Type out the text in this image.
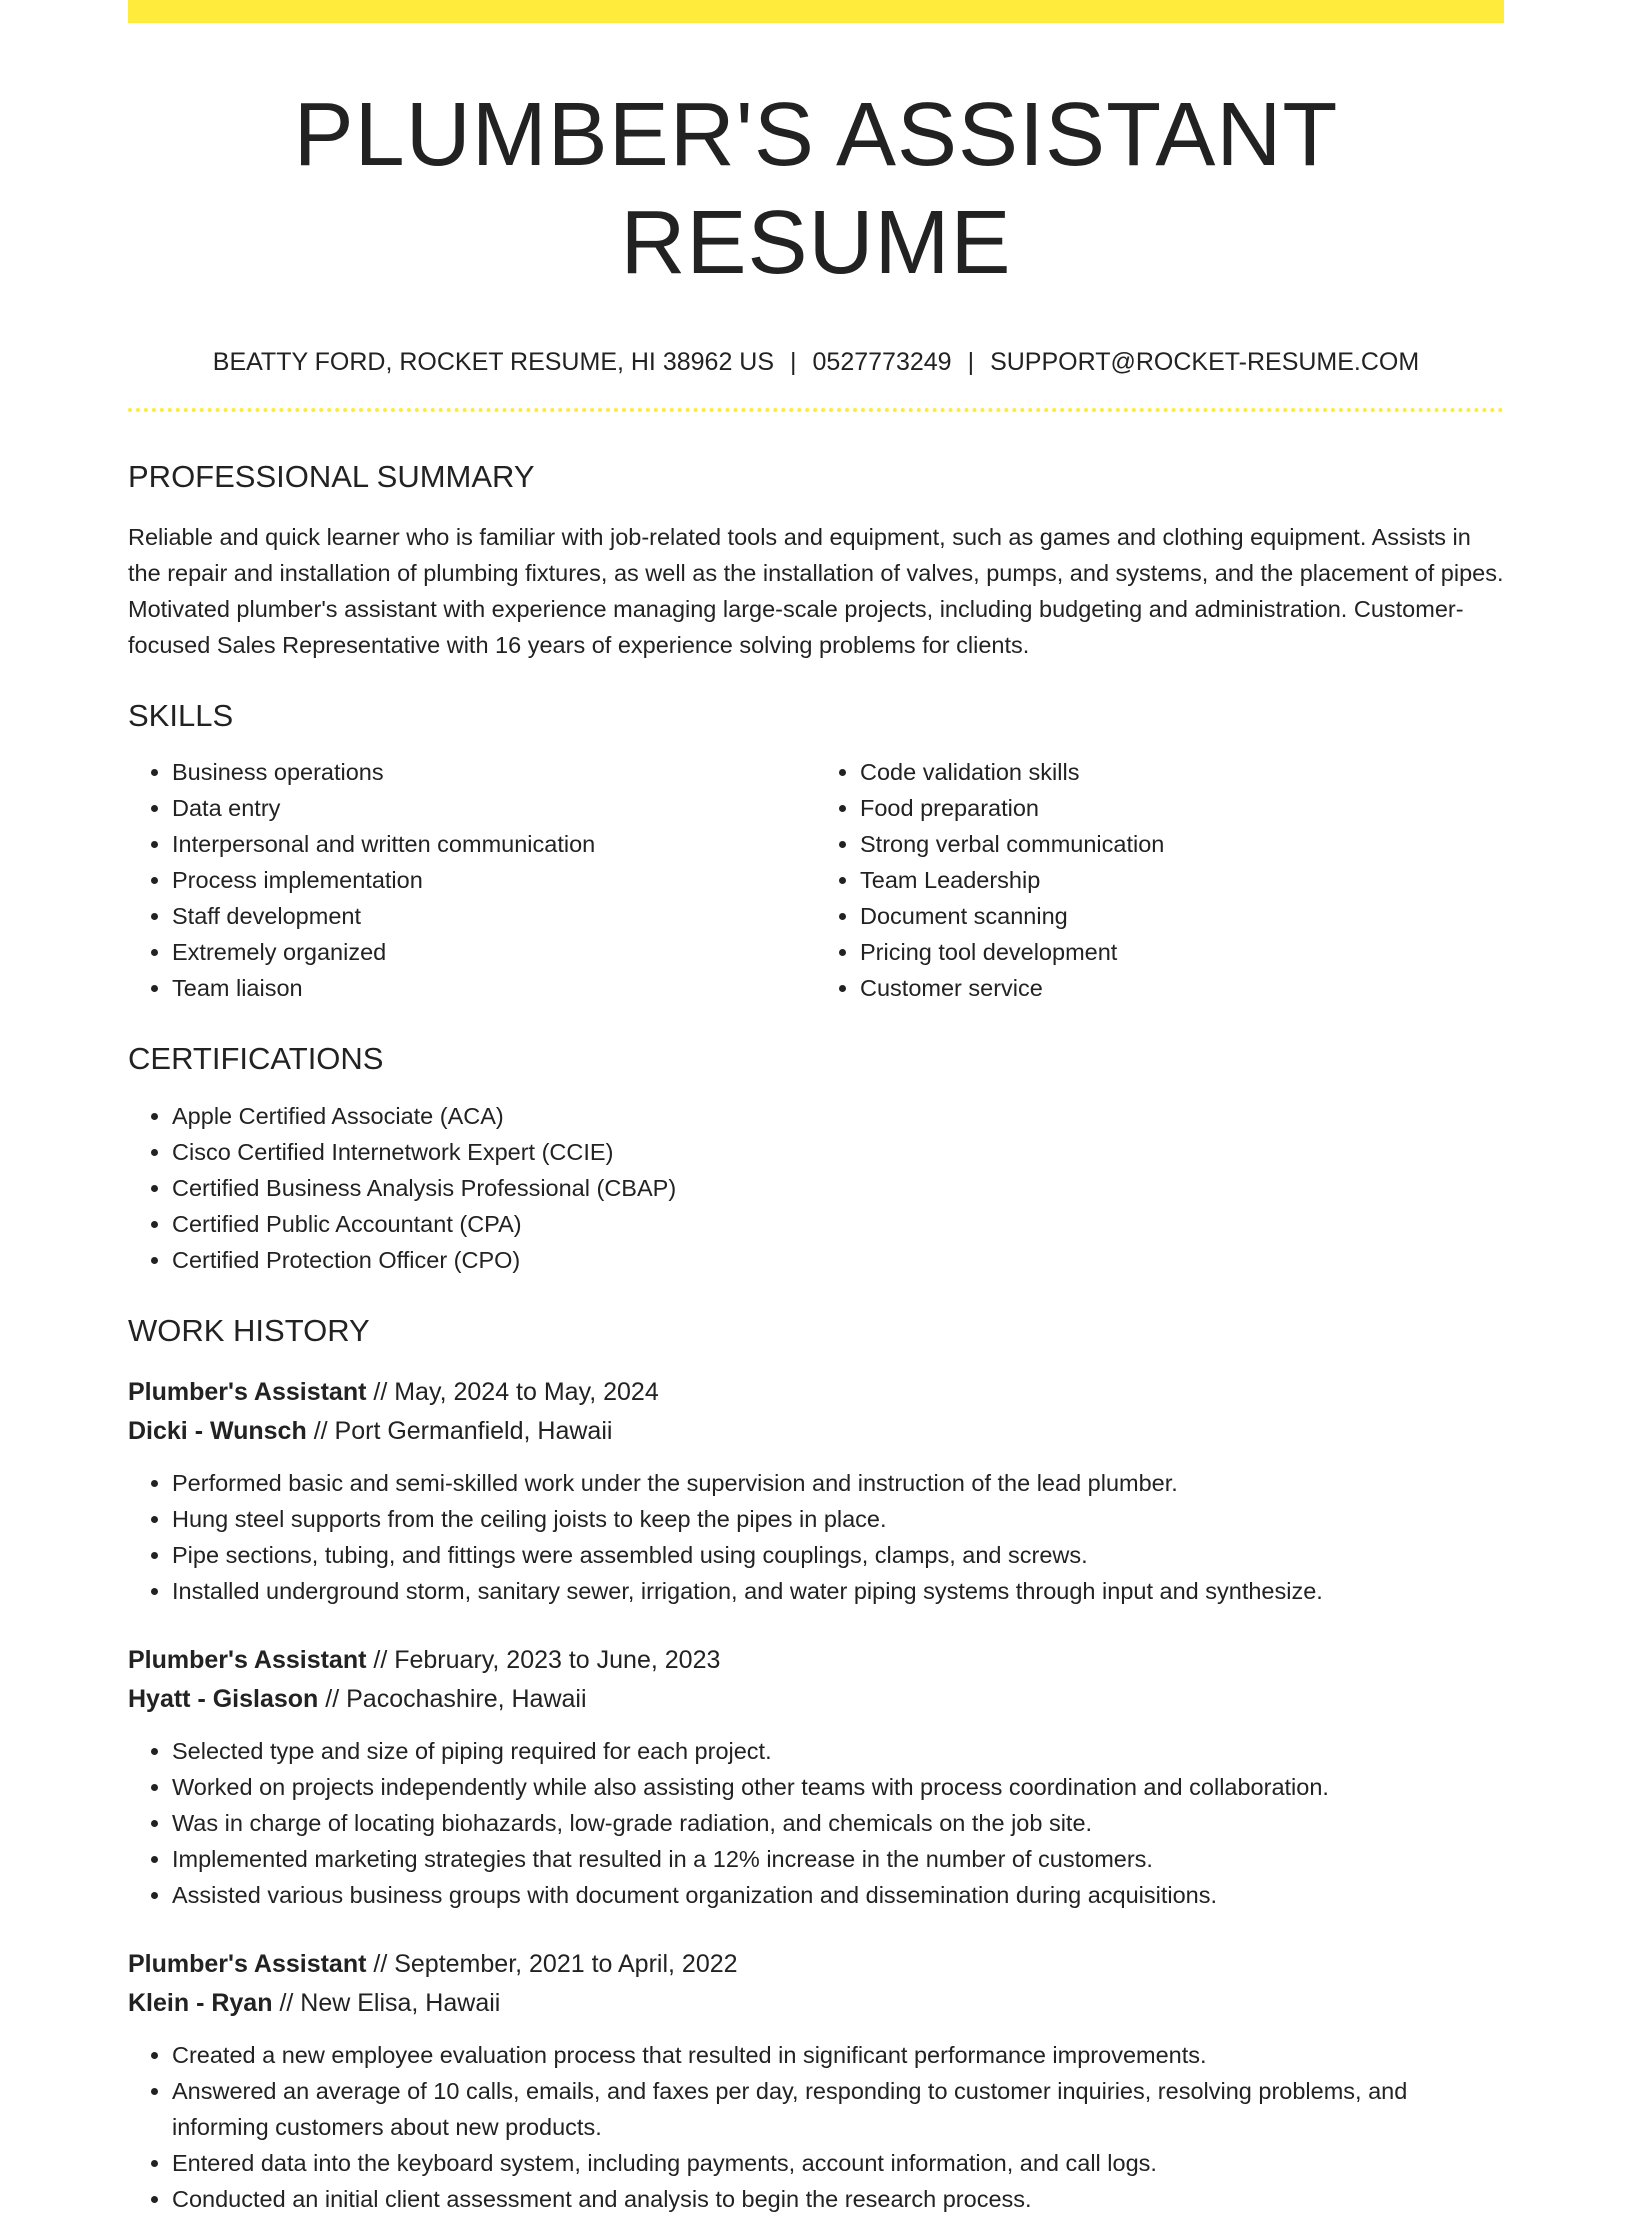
PLUMBER'S ASSISTANT RESUME
BEATTY FORD, ROCKET RESUME, HI 38962 US | 0527773249 | SUPPORT@ROCKET-RESUME.COM
PROFESSIONAL SUMMARY

Reliable and quick learner who is familiar with job-related tools and equipment, such as games and clothing equipment. Assists in the repair and installation of plumbing fixtures, as well as the installation of valves, pumps, and systems, and the placement of pipes. Motivated plumber's assistant with experience managing large-scale projects, including budgeting and administration. Customer-focused Sales Representative with 16 years of experience solving problems for clients.

SKILLS
• Business operations
• Data entry
• Interpersonal and written communication
• Process implementation
• Staff development
• Extremely organized
• Team liaison
• Code validation skills
• Food preparation
• Strong verbal communication
• Team Leadership
• Document scanning
• Pricing tool development
• Customer service
CERTIFICATIONS
• Apple Certified Associate (ACA)
• Cisco Certified Internetwork Expert (CCIE)
• Certified Business Analysis Professional (CBAP)
• Certified Public Accountant (CPA)
• Certified Protection Officer (CPO)
WORK HISTORY
Plumber's Assistant // May, 2024 to May, 2024
Dicki - Wunsch // Port Germanfield, Hawaii
• Performed basic and semi-skilled work under the supervision and instruction of the lead plumber.
• Hung steel supports from the ceiling joists to keep the pipes in place.
• Pipe sections, tubing, and fittings were assembled using couplings, clamps, and screws.
• Installed underground storm, sanitary sewer, irrigation, and water piping systems through input and synthesize.
Plumber's Assistant // February, 2023 to June, 2023
Hyatt - Gislason // Pacochashire, Hawaii
• Selected type and size of piping required for each project.
• Worked on projects independently while also assisting other teams with process coordination and collaboration.
• Was in charge of locating biohazards, low-grade radiation, and chemicals on the job site.
• Implemented marketing strategies that resulted in a 12% increase in the number of customers.
• Assisted various business groups with document organization and dissemination during acquisitions.
Plumber's Assistant // September, 2021 to April, 2022
Klein - Ryan // New Elisa, Hawaii
• Created a new employee evaluation process that resulted in significant performance improvements.
• Answered an average of 10 calls, emails, and faxes per day, responding to customer inquiries, resolving problems, and informing customers about new products.
• Entered data into the keyboard system, including payments, account information, and call logs.
• Conducted an initial client assessment and analysis to begin the research process.
